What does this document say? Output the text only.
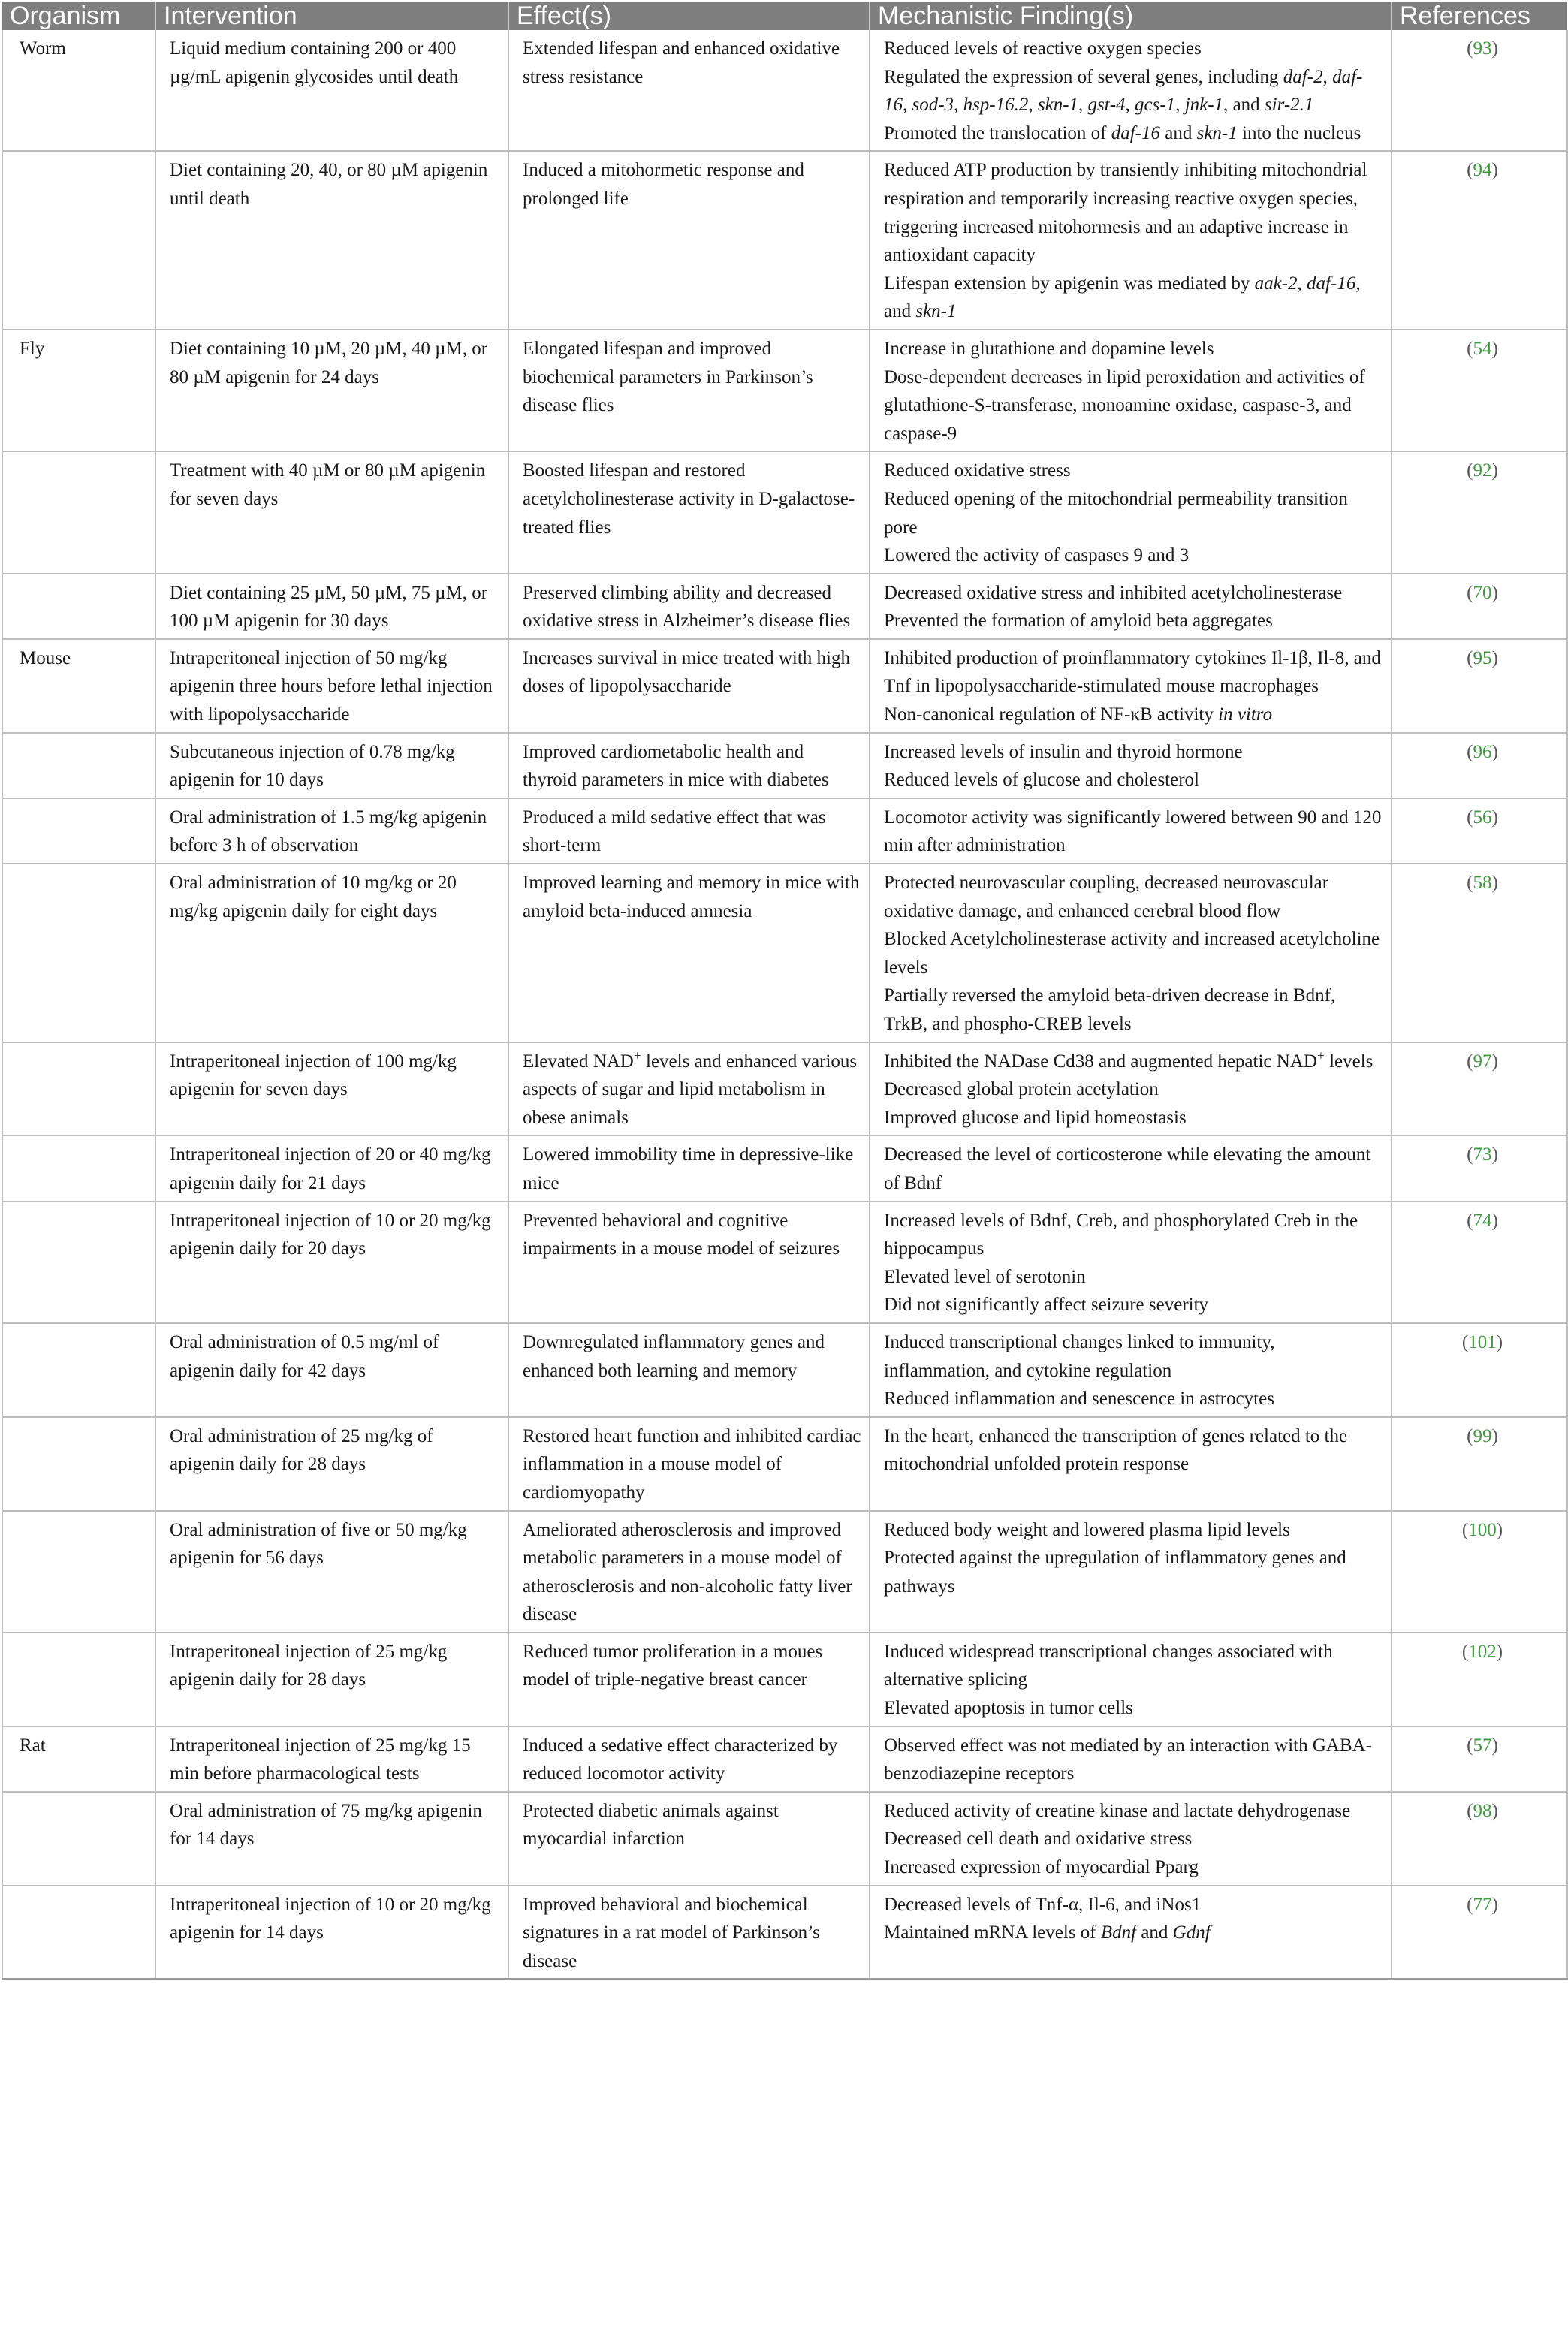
Organism	Intervention	Effect(s)	Mechanistic Finding(s)	References
Worm	Liquid medium containing 200 or 400 µg/mL apigenin glycosides until death	Extended lifespan and enhanced oxidative stress resistance	Reduced levels of reactive oxygen species
Regulated the expression of several genes, including daf-2, daf-16, sod-3, hsp-16.2, skn-1, gst-4, gcs-1, jnk-1, and sir-2.1
Promoted the translocation of daf-16 and skn-1 into the nucleus	(93)
	Diet containing 20, 40, or 80 µM apigenin until death	Induced a mitohormetic response and prolonged life	Reduced ATP production by transiently inhibiting mitochondrial respiration and temporarily increasing reactive oxygen species, triggering increased mitohormesis and an adaptive increase in antioxidant capacity
Lifespan extension by apigenin was mediated by aak-2, daf-16, and skn-1	(94)
Fly	Diet containing 10 µM, 20 µM, 40 µM, or 80 µM apigenin for 24 days	Elongated lifespan and improved biochemical parameters in Parkinson’s disease flies	Increase in glutathione and dopamine levels
Dose-dependent decreases in lipid peroxidation and activities of glutathione-S-transferase, monoamine oxidase, caspase-3, and caspase-9	(54)
	Treatment with 40 µM or 80 µM apigenin for seven days	Boosted lifespan and restored acetylcholinesterase activity in D-galactose-treated flies	Reduced oxidative stress
Reduced opening of the mitochondrial permeability transition pore
Lowered the activity of caspases 9 and 3	(92)
	Diet containing 25 µM, 50 µM, 75 µM, or 100 µM apigenin for 30 days	Preserved climbing ability and decreased oxidative stress in Alzheimer’s disease flies	Decreased oxidative stress and inhibited acetylcholinesterase
Prevented the formation of amyloid beta aggregates	(70)
Mouse	Intraperitoneal injection of 50 mg/kg apigenin three hours before lethal injection with lipopolysaccharide	Increases survival in mice treated with high doses of lipopolysaccharide	Inhibited production of proinflammatory cytokines Il-1β, Il-8, and Tnf in lipopolysaccharide-stimulated mouse macrophages
Non-canonical regulation of NF-κB activity in vitro	(95)
	Subcutaneous injection of 0.78 mg/kg apigenin for 10 days	Improved cardiometabolic health and thyroid parameters in mice with diabetes	Increased levels of insulin and thyroid hormone
Reduced levels of glucose and cholesterol	(96)
	Oral administration of 1.5 mg/kg apigenin before 3 h of observation	Produced a mild sedative effect that was short-term	Locomotor activity was significantly lowered between 90 and 120 min after administration	(56)
	Oral administration of 10 mg/kg or 20 mg/kg apigenin daily for eight days	Improved learning and memory in mice with amyloid beta-induced amnesia	Protected neurovascular coupling, decreased neurovascular oxidative damage, and enhanced cerebral blood flow
Blocked Acetylcholinesterase activity and increased acetylcholine levels
Partially reversed the amyloid beta-driven decrease in Bdnf, TrkB, and phospho-CREB levels	(58)
	Intraperitoneal injection of 100 mg/kg apigenin for seven days	Elevated NAD+ levels and enhanced various aspects of sugar and lipid metabolism in obese animals	Inhibited the NADase Cd38 and augmented hepatic NAD+ levels
Decreased global protein acetylation
Improved glucose and lipid homeostasis	(97)
	Intraperitoneal injection of 20 or 40 mg/kg apigenin daily for 21 days	Lowered immobility time in depressive-like mice	Decreased the level of corticosterone while elevating the amount of Bdnf	(73)
	Intraperitoneal injection of 10 or 20 mg/kg apigenin daily for 20 days	Prevented behavioral and cognitive impairments in a mouse model of seizures	Increased levels of Bdnf, Creb, and phosphorylated Creb in the hippocampus
Elevated level of serotonin
Did not significantly affect seizure severity	(74)
	Oral administration of 0.5 mg/ml of apigenin daily for 42 days	Downregulated inflammatory genes and enhanced both learning and memory	Induced transcriptional changes linked to immunity, inflammation, and cytokine regulation
Reduced inflammation and senescence in astrocytes	(101)
	Oral administration of 25 mg/kg of apigenin daily for 28 days	Restored heart function and inhibited cardiac inflammation in a mouse model of cardiomyopathy	In the heart, enhanced the transcription of genes related to the mitochondrial unfolded protein response	(99)
	Oral administration of five or 50 mg/kg apigenin for 56 days	Ameliorated atherosclerosis and improved metabolic parameters in a mouse model of atherosclerosis and non-alcoholic fatty liver disease	Reduced body weight and lowered plasma lipid levels
Protected against the upregulation of inflammatory genes and pathways	(100)
	Intraperitoneal injection of 25 mg/kg apigenin daily for 28 days	Reduced tumor proliferation in a moues model of triple-negative breast cancer	Induced widespread transcriptional changes associated with alternative splicing
Elevated apoptosis in tumor cells	(102)
Rat	Intraperitoneal injection of 25 mg/kg 15 min before pharmacological tests	Induced a sedative effect characterized by reduced locomotor activity	Observed effect was not mediated by an interaction with GABA-benzodiazepine receptors	(57)
	Oral administration of 75 mg/kg apigenin for 14 days	Protected diabetic animals against myocardial infarction	Reduced activity of creatine kinase and lactate dehydrogenase
Decreased cell death and oxidative stress
Increased expression of myocardial Pparg	(98)
	Intraperitoneal injection of 10 or 20 mg/kg apigenin for 14 days	Improved behavioral and biochemical signatures in a rat model of Parkinson’s disease	Decreased levels of Tnf-α, Il-6, and iNos1
Maintained mRNA levels of Bdnf and Gdnf	(77)
